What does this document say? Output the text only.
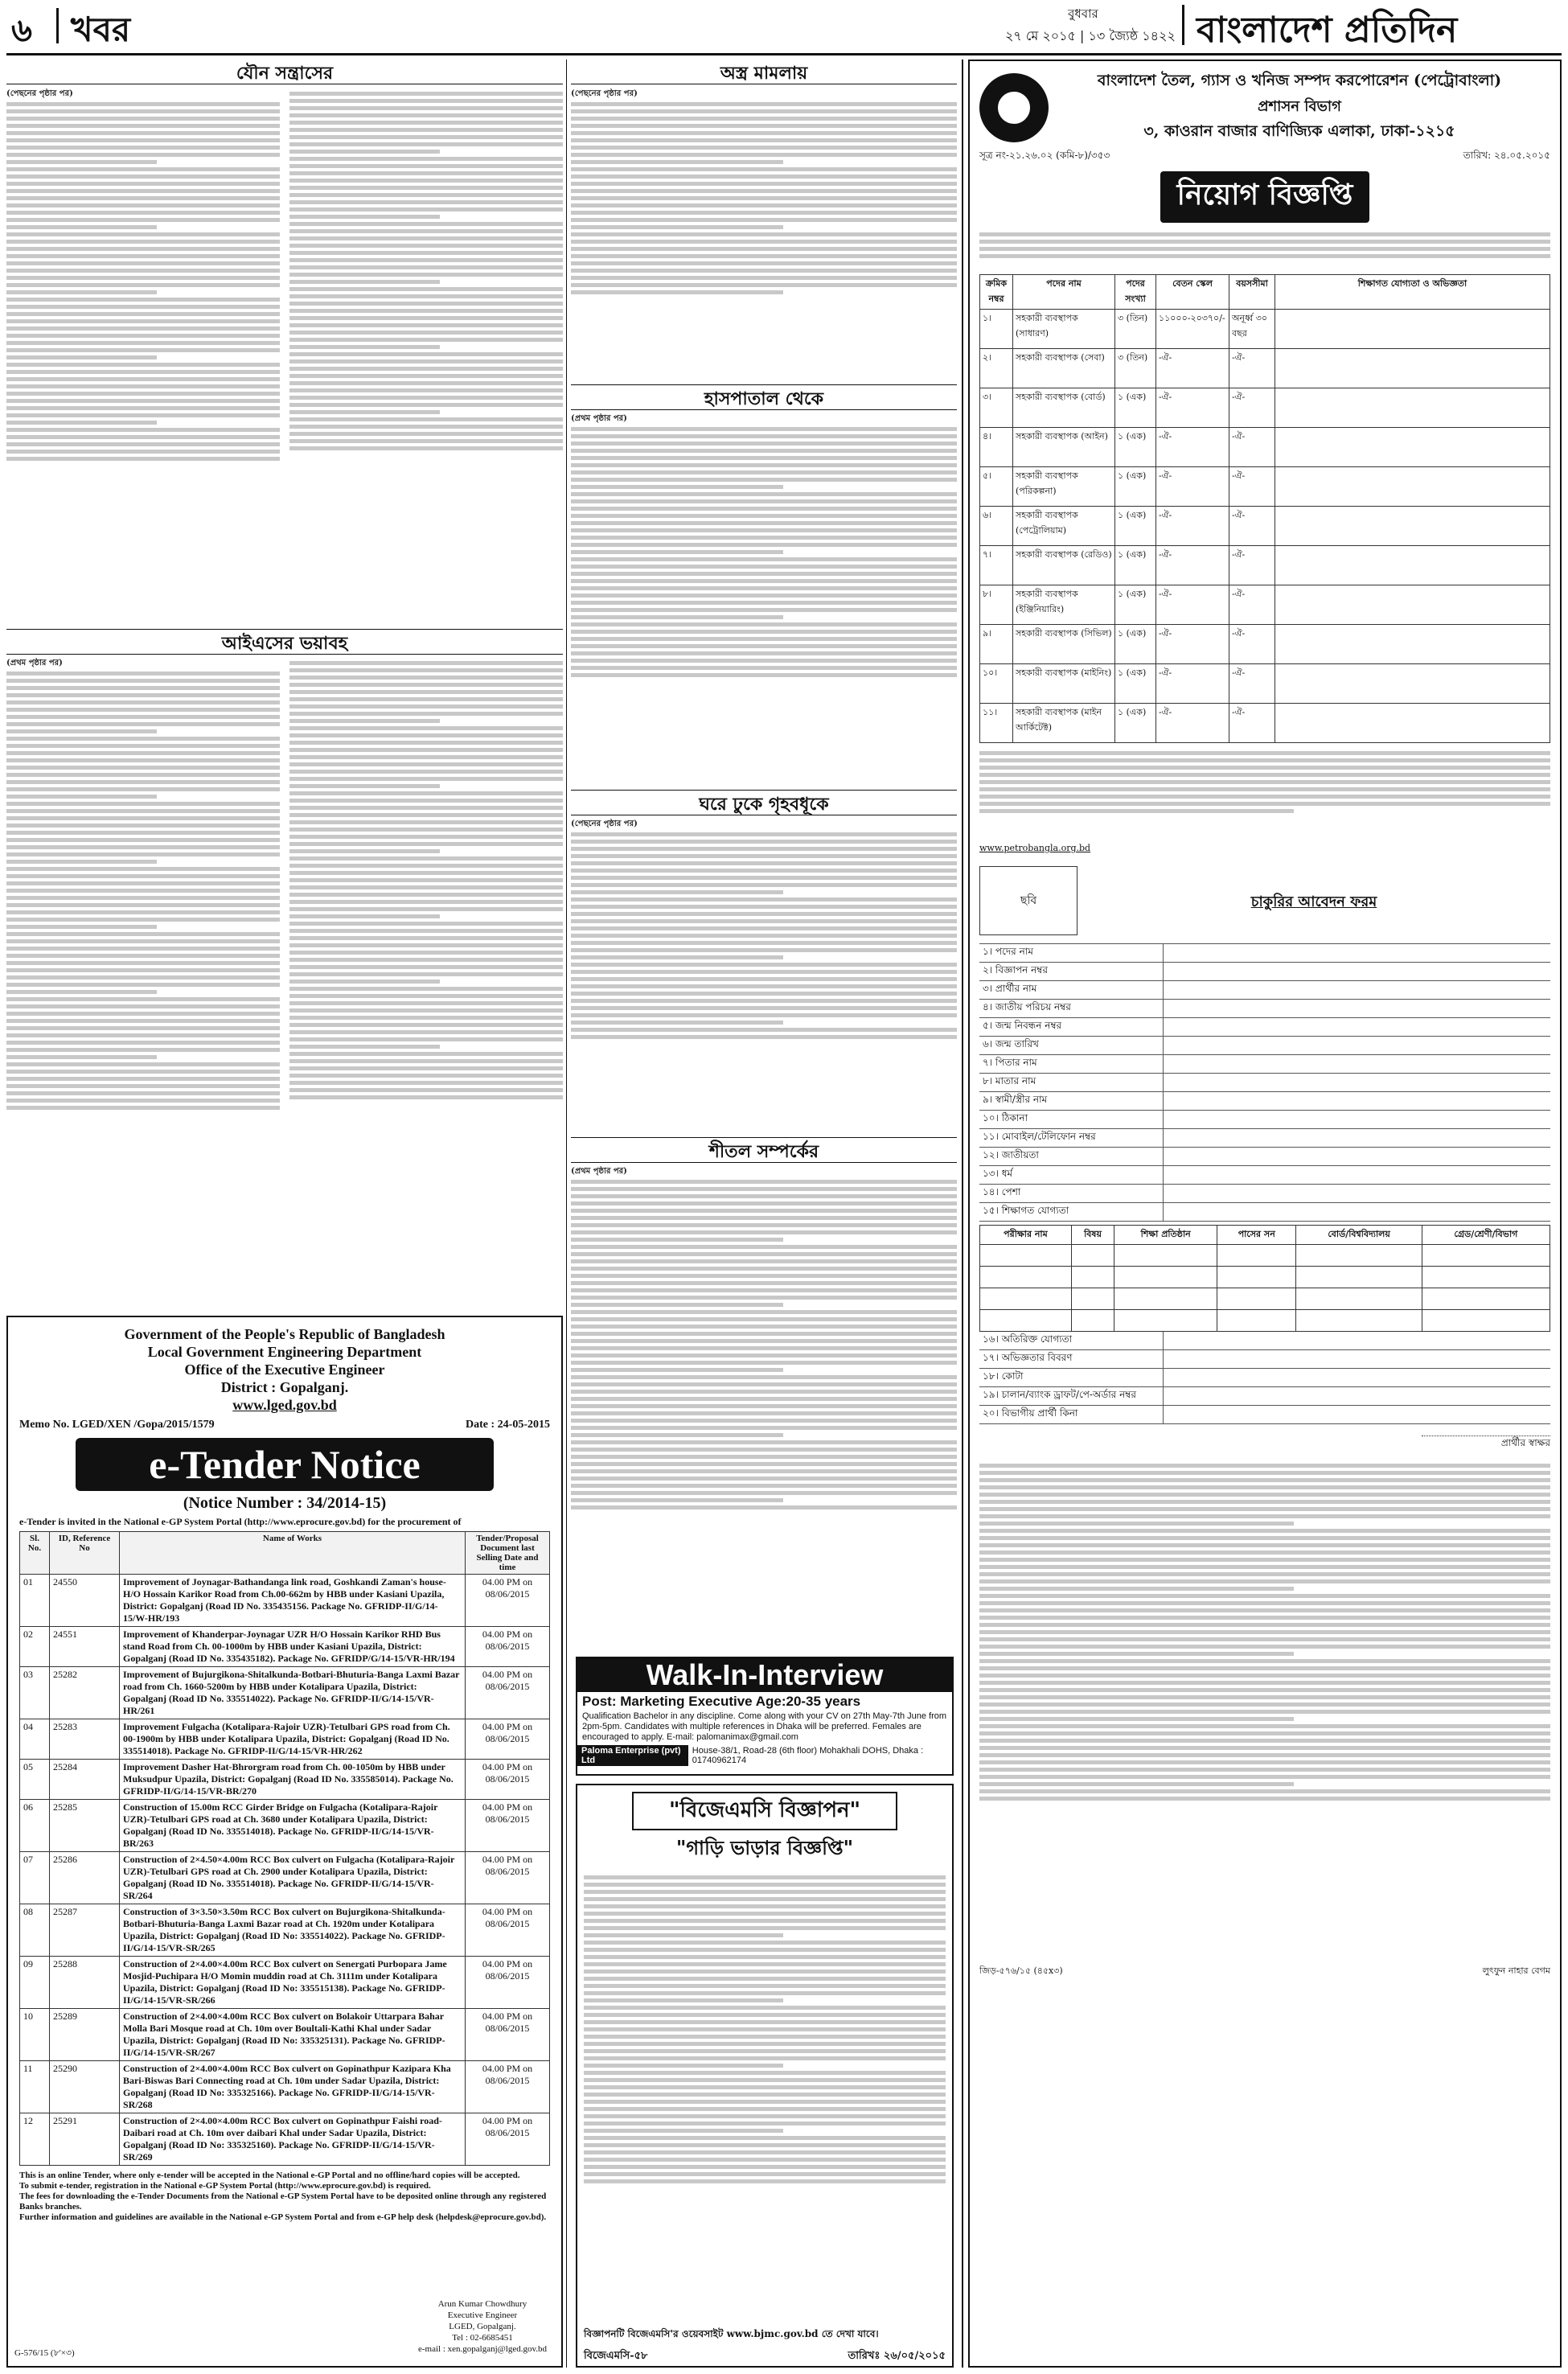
৬ খবর	বুধবার
২৭ মে ২০১৫ | ১৩ জ্যৈষ্ঠ ১৪২২ বাংলাদেশ প্রতিদিন
যৌন সন্ত্রাসের
(পেছনের পৃষ্ঠার পর)
আইএসের ভয়াবহ
(প্রথম পৃষ্ঠার পর)
Government of the People's Republic of Bangladesh
Local Government Engineering Department
Office of the Executive Engineer
District : Gopalganj.
www.lged.gov.bd
Memo No. LGED/XEN /Gopa/2015/1579	Date : 24-05-2015
e-Tender Notice
(Notice Number : 34/2014-15)
e-Tender is invited in the National e-GP System Portal (http://www.eprocure.gov.bd) for the procurement of
Sl. No.	ID, Reference No	Name of Works	Tender/Proposal Document last Selling Date and time
01	24550	Improvement of Joynagar-Bathandanga link road, Goshkandi Zaman's house-H/O Hossain Karikor Road from Ch.00-662m by HBB under Kasiani Upazila, District: Gopalganj (Road ID No. 335435156. Package No. GFRIDP-II/G/14-15/W-HR/193	04.00 PM on 08/06/2015
02	24551	Improvement of Khanderpar-Joynagar UZR H/O Hossain Karikor RHD Bus stand Road from Ch. 00-1000m by HBB under Kasiani Upazila, District: Gopalganj (Road ID No. 335435182). Package No. GFRIDP/G/14-15/VR-HR/194	04.00 PM on 08/06/2015
03	25282	Improvement of Bujurgikona-Shitalkunda-Botbari-Bhuturia-Banga Laxmi Bazar road from Ch. 1660-5200m by HBB under Kotalipara Upazila, District: Gopalganj (Road ID No. 335514022). Package No. GFRIDP-II/G/14-15/VR-HR/261	04.00 PM on 08/06/2015
04	25283	Improvement Fulgacha (Kotalipara-Rajoir UZR)-Tetulbari GPS road from Ch. 00-1900m by HBB under Kotalipara Upazila, District: Gopalganj (Road ID No. 335514018). Package No. GFRIDP-II/G/14-15/VR-HR/262	04.00 PM on 08/06/2015
05	25284	Improvement Dasher Hat-Bhrorgram road from Ch. 00-1050m by HBB under Muksudpur Upazila, District: Gopalganj (Road ID No. 335585014). Package No. GFRIDP-II/G/14-15/VR-BR/270	04.00 PM on 08/06/2015
06	25285	Construction of 15.00m RCC Girder Bridge on Fulgacha (Kotalipara-Rajoir UZR)-Tetulbari GPS road at Ch. 3680 under Kotalipara Upazila, District: Gopalganj (Road ID No. 335514018). Package No. GFRIDP-II/G/14-15/VR-BR/263	04.00 PM on 08/06/2015
07	25286	Construction of 2×4.50×4.00m RCC Box culvert on Fulgacha (Kotalipara-Rajoir UZR)-Tetulbari GPS road at Ch. 2900 under Kotalipara Upazila, District: Gopalganj (Road ID No. 335514018). Package No. GFRIDP-II/G/14-15/VR-SR/264	04.00 PM on 08/06/2015
08	25287	Construction of 3×3.50×3.50m RCC Box culvert on Bujurgikona-Shitalkunda-Botbari-Bhuturia-Banga Laxmi Bazar road at Ch. 1920m under Kotalipara Upazila, District: Gopalganj (Road ID No: 335514022). Package No. GFRIDP-II/G/14-15/VR-SR/265	04.00 PM on 08/06/2015
09	25288	Construction of 2×4.00×4.00m RCC Box culvert on Senergati Purbopara Jame Mosjid-Puchipara H/O Momin muddin road at Ch. 3111m under Kotalipara Upazila, District: Gopalganj (Road ID No: 335515138). Package No. GFRIDP-II/G/14-15/VR-SR/266	04.00 PM on 08/06/2015
10	25289	Construction of 2×4.00×4.00m RCC Box culvert on Bolakoir Uttarpara Bahar Molla Bari Mosque road at Ch. 10m over Boultali-Kathi Khal under Sadar Upazila, District: Gopalganj (Road ID No: 335325131). Package No. GFRIDP-II/G/14-15/VR-SR/267	04.00 PM on 08/06/2015
11	25290	Construction of 2×4.00×4.00m RCC Box culvert on Gopinathpur Kazipara Kha Bari-Biswas Bari Connecting road at Ch. 10m under Sadar Upazila, District: Gopalganj (Road ID No: 335325166). Package No. GFRIDP-II/G/14-15/VR-SR/268	04.00 PM on 08/06/2015
12	25291	Construction of 2×4.00×4.00m RCC Box culvert on Gopinathpur Faishi road-Daibari road at Ch. 10m over daibari Khal under Sadar Upazila, District: Gopalganj (Road ID No: 335325160). Package No. GFRIDP-II/G/14-15/VR-SR/269	04.00 PM on 08/06/2015
This is an online Tender, where only e-tender will be accepted in the National e-GP Portal and no offline/hard copies will be accepted.
To submit e-tender, registration in the National e-GP System Portal (http://www.eprocure.gov.bd) is required.
The fees for downloading the e-Tender Documents from the National e-GP System Portal have to be deposited online through any registered Banks branches.
Further information and guidelines are available in the National e-GP System Portal and from e-GP help desk (helpdesk@eprocure.gov.bd).
Arun Kumar Chowdhury
Executive Engineer
LGED, Gopalganj.
Tel : 02-6685451
e-mail : xen.gopalganj@lged.gov.bd
G-576/15 (৮'×৩)
অস্ত্র মামলায়
(পেছনের পৃষ্ঠার পর)
হাসপাতাল থেকে
(প্রথম পৃষ্ঠার পর)
ঘরে ঢুকে গৃহবধূকে
(পেছনের পৃষ্ঠার পর)
শীতল সম্পর্কের
(প্রথম পৃষ্ঠার পর)
Walk-In-Interview
Post: Marketing Executive Age:20-35 years
Qualification Bachelor in any discipline. Come along with your CV on 27th May-7th June from 2pm-5pm. Candidates with multiple references in Dhaka will be preferred. Females are encouraged to apply. E-mail: palomanimax@gmail.com
Paloma Enterprise (pvt) Ltd
House-38/1, Road-28 (6th floor) Mohakhali DOHS, Dhaka : 01740962174
"বিজেএমসি বিজ্ঞাপন"
"গাড়ি ভাড়ার বিজ্ঞপ্তি"
বিজ্ঞাপনটি বিজেএমসি'র ওয়েবসাইট www.bjmc.gov.bd তে দেখা যাবে।
বিজেএমসি-৫৮	তারিখঃ ২৬/০৫/২০১৫
বাংলাদেশ তৈল, গ্যাস ও খনিজ সম্পদ করপোরেশন (পেট্রোবাংলা)
প্রশাসন বিভাগ
৩, কাওরান বাজার বাণিজ্যিক এলাকা, ঢাকা-১২১৫
সূত্র নং-২১.২৬.০২ (কমি-৮)/৩৫৩	তারিখ: ২৪.০৫.২০১৫
নিয়োগ বিজ্ঞপ্তি
ক্রমিক নম্বর	পদের নাম	পদের সংখ্যা	বেতন স্কেল	বয়সসীমা	শিক্ষাগত যোগ্যতা ও অভিজ্ঞতা
১।	সহকারী ব্যবস্থাপক (সাধারণ)	৩ (তিন)	১১০০০-২০৩৭০/-	অনূর্ধ্ব ৩০ বছর	
২।	সহকারী ব্যবস্থাপক (সেবা)	৩ (তিন)	-ঐ-	-ঐ-	
৩।	সহকারী ব্যবস্থাপক (বোর্ড)	১ (এক)	-ঐ-	-ঐ-	
৪।	সহকারী ব্যবস্থাপক (আইন)	১ (এক)	-ঐ-	-ঐ-	
৫।	সহকারী ব্যবস্থাপক (পরিকল্পনা)	১ (এক)	-ঐ-	-ঐ-	
৬।	সহকারী ব্যবস্থাপক (পেট্রোলিয়াম)	১ (এক)	-ঐ-	-ঐ-	
৭।	সহকারী ব্যবস্থাপক (রেডিও)	১ (এক)	-ঐ-	-ঐ-	
৮।	সহকারী ব্যবস্থাপক (ইঞ্জিনিয়ারিং)	১ (এক)	-ঐ-	-ঐ-	
৯।	সহকারী ব্যবস্থাপক (সিভিল)	১ (এক)	-ঐ-	-ঐ-	
১০।	সহকারী ব্যবস্থাপক (মাইনিং)	১ (এক)	-ঐ-	-ঐ-	
১১।	সহকারী ব্যবস্থাপক (মাইন আর্কিটেক্ট)	১ (এক)	-ঐ-	-ঐ-	
www.petrobangla.org.bd
ছবি	চাকুরির আবেদন ফরম
১। পদের নাম
২। বিজ্ঞাপন নম্বর
৩। প্রার্থীর নাম
৪। জাতীয় পরিচয় নম্বর
৫। জন্ম নিবন্ধন নম্বর
৬। জন্ম তারিখ
৭। পিতার নাম
৮। মাতার নাম
৯। স্বামী/স্ত্রীর নাম
১০। ঠিকানা
১১। মোবাইল/টেলিফোন নম্বর
১২। জাতীয়তা
১৩। ধর্ম
১৪। পেশা
১৫। শিক্ষাগত যোগ্যতা
পরীক্ষার নাম	বিষয়	শিক্ষা প্রতিষ্ঠান	পাসের সন	বোর্ড/বিশ্ববিদ্যালয়	গ্রেড/শ্রেণী/বিভাগ

১৬। অতিরিক্ত যোগ্যতা
১৭। অভিজ্ঞতার বিবরণ
১৮। কোটা
১৯। চালান/ব্যাংক ড্রাফট/পে-অর্ডার নম্বর
২০। বিভাগীয় প্রার্থী কিনা
প্রার্থীর স্বাক্ষর
জিড়-৫৭৬/১৫ (৪৫x৩)	লুৎফুন নাহার বেগম
